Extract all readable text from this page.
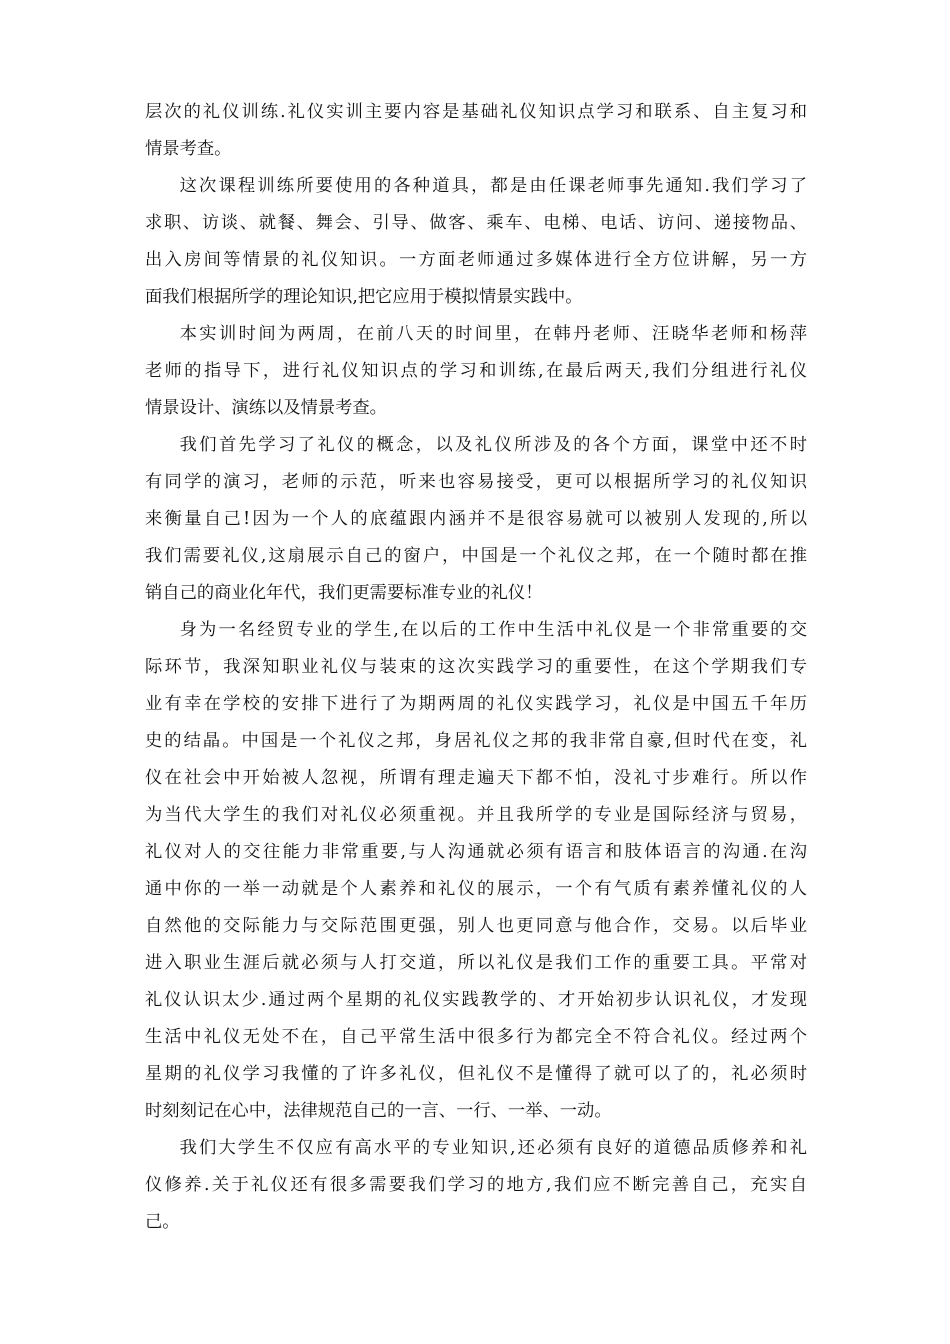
层次的礼仪训练.礼仪实训主要内容是基础礼仪知识点学习和联系、自主复习和
情景考查。
这次课程训练所要使用的各种道具，都是由任课老师事先通知.我们学习了
求职、访谈、就餐、舞会、引导、做客、乘车、电梯、电话、访问、递接物品、
出入房间等情景的礼仪知识。一方面老师通过多媒体进行全方位讲解，另一方
面我们根据所学的理论知识,把它应用于模拟情景实践中。
本实训时间为两周，在前八天的时间里，在韩丹老师、汪晓华老师和杨萍
老师的指导下，进行礼仪知识点的学习和训练,在最后两天,我们分组进行礼仪
情景设计、演练以及情景考查。
我们首先学习了礼仪的概念，以及礼仪所涉及的各个方面，课堂中还不时
有同学的演习，老师的示范，听来也容易接受，更可以根据所学习的礼仪知识
来衡量自己!因为一个人的底蕴跟内涵并不是很容易就可以被别人发现的,所以
我们需要礼仪,这扇展示自己的窗户，中国是一个礼仪之邦，在一个随时都在推
销自己的商业化年代，我们更需要标准专业的礼仪！
身为一名经贸专业的学生,在以后的工作中生活中礼仪是一个非常重要的交
际环节，我深知职业礼仪与装束的这次实践学习的重要性，在这个学期我们专
业有幸在学校的安排下进行了为期两周的礼仪实践学习，礼仪是中国五千年历
史的结晶。中国是一个礼仪之邦，身居礼仪之邦的我非常自豪,但时代在变，礼
仪在社会中开始被人忽视，所谓有理走遍天下都不怕，没礼寸步难行。所以作
为当代大学生的我们对礼仪必须重视。并且我所学的专业是国际经济与贸易，
礼仪对人的交往能力非常重要,与人沟通就必须有语言和肢体语言的沟通.在沟
通中你的一举一动就是个人素养和礼仪的展示，一个有气质有素养懂礼仪的人
自然他的交际能力与交际范围更强，别人也更同意与他合作，交易。以后毕业
进入职业生涯后就必须与人打交道，所以礼仪是我们工作的重要工具。平常对
礼仪认识太少.通过两个星期的礼仪实践教学的、才开始初步认识礼仪，才发现
生活中礼仪无处不在，自己平常生活中很多行为都完全不符合礼仪。经过两个
星期的礼仪学习我懂的了许多礼仪，但礼仪不是懂得了就可以了的，礼必须时
时刻刻记在心中，法律规范自己的一言、一行、一举、一动。
我们大学生不仅应有高水平的专业知识,还必须有良好的道德品质修养和礼
仪修养.关于礼仪还有很多需要我们学习的地方,我们应不断完善自己，充实自
己。
